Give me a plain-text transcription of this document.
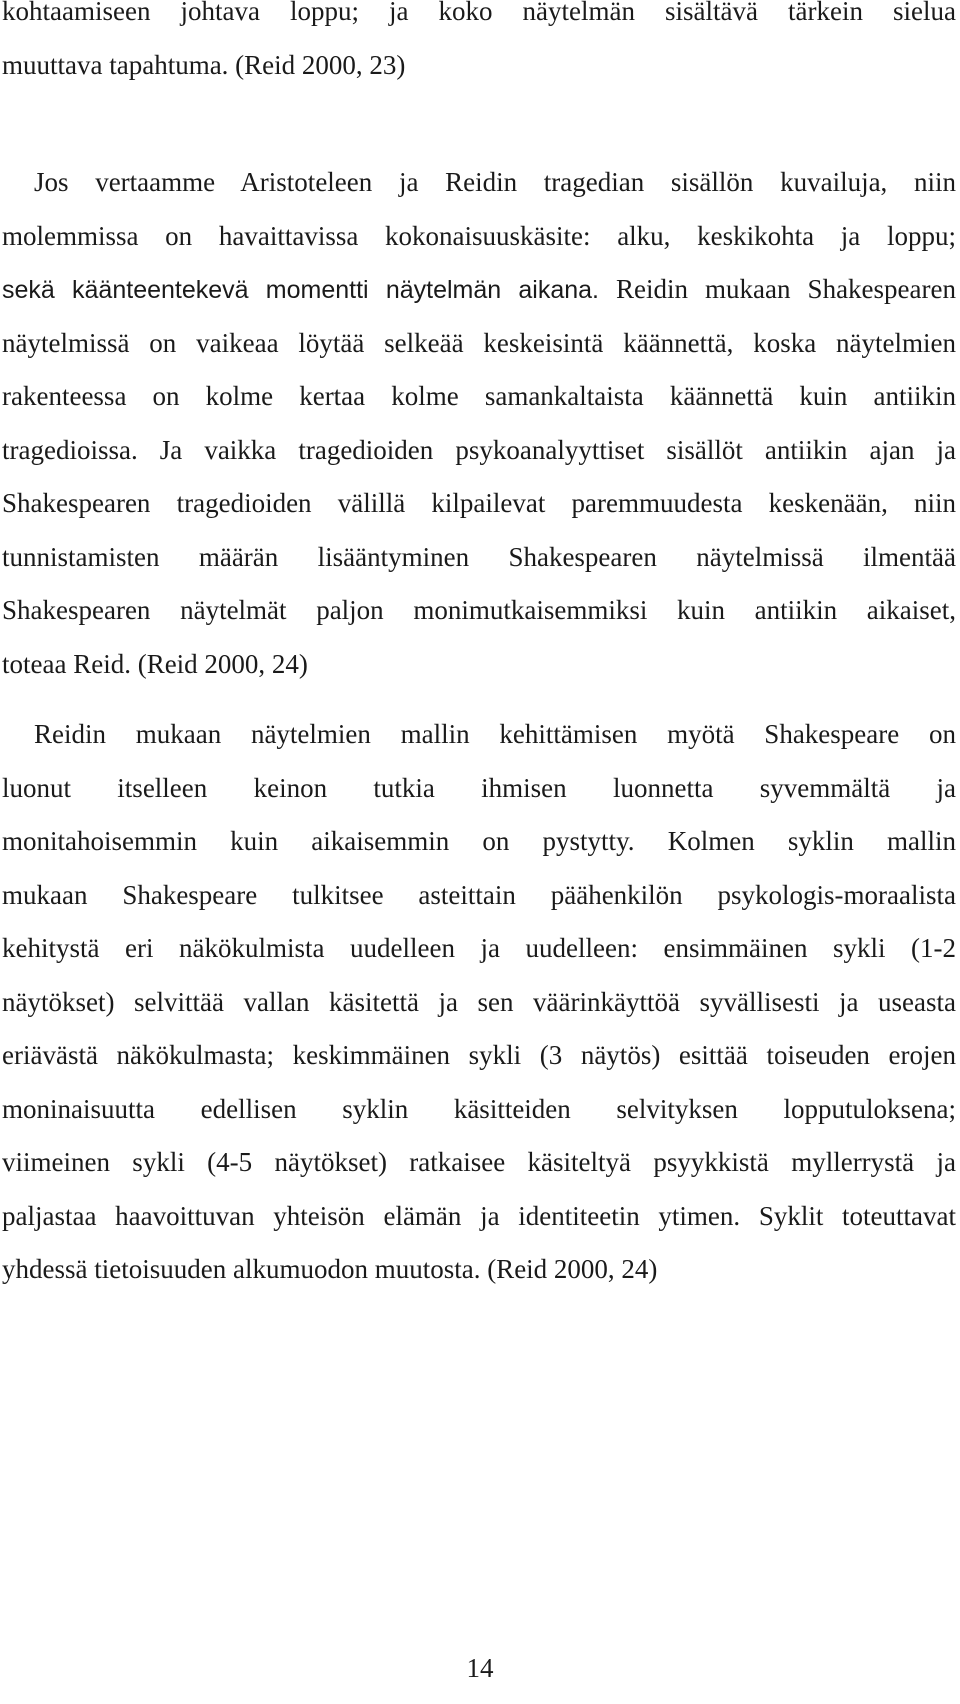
kohtaamiseen johtava loppu; ja koko näytelmän sisältävä tärkein sielua
muuttava tapahtuma. (Reid 2000, 23)
Jos vertaamme Aristoteleen ja Reidin tragedian sisällön kuvailuja, niin
molemmissa on havaittavissa kokonaisuuskäsite: alku, keskikohta ja loppu;
sekä käänteentekevä momentti näytelmän aikana. Reidin mukaan Shakespearen
näytelmissä on vaikeaa löytää selkeää keskeisintä käännettä, koska näytelmien
rakenteessa on kolme kertaa kolme samankaltaista käännettä kuin antiikin
tragedioissa. Ja vaikka tragedioiden psykoanalyyttiset sisällöt antiikin ajan ja
Shakespearen tragedioiden välillä kilpailevat paremmuudesta keskenään, niin
tunnistamisten määrän lisääntyminen Shakespearen näytelmissä ilmentää
Shakespearen näytelmät paljon monimutkaisemmiksi kuin antiikin aikaiset,
toteaa Reid. (Reid 2000, 24)
Reidin mukaan näytelmien mallin kehittämisen myötä Shakespeare on
luonut itselleen keinon tutkia ihmisen luonnetta syvemmältä ja
monitahoisemmin kuin aikaisemmin on pystytty. Kolmen syklin mallin
mukaan Shakespeare tulkitsee asteittain päähenkilön psykologis-moraalista
kehitystä eri näkökulmista uudelleen ja uudelleen: ensimmäinen sykli (1-2
näytökset) selvittää vallan käsitettä ja sen väärinkäyttöä syvällisesti ja useasta
eriävästä näkökulmasta; keskimmäinen sykli (3 näytös) esittää toiseuden erojen
moninaisuutta edellisen syklin käsitteiden selvityksen lopputuloksena;
viimeinen sykli (4-5 näytökset) ratkaisee käsiteltyä psyykkistä myllerrystä ja
paljastaa haavoittuvan yhteisön elämän ja identiteetin ytimen. Syklit toteuttavat
yhdessä tietoisuuden alkumuodon muutosta. (Reid 2000, 24)
14
